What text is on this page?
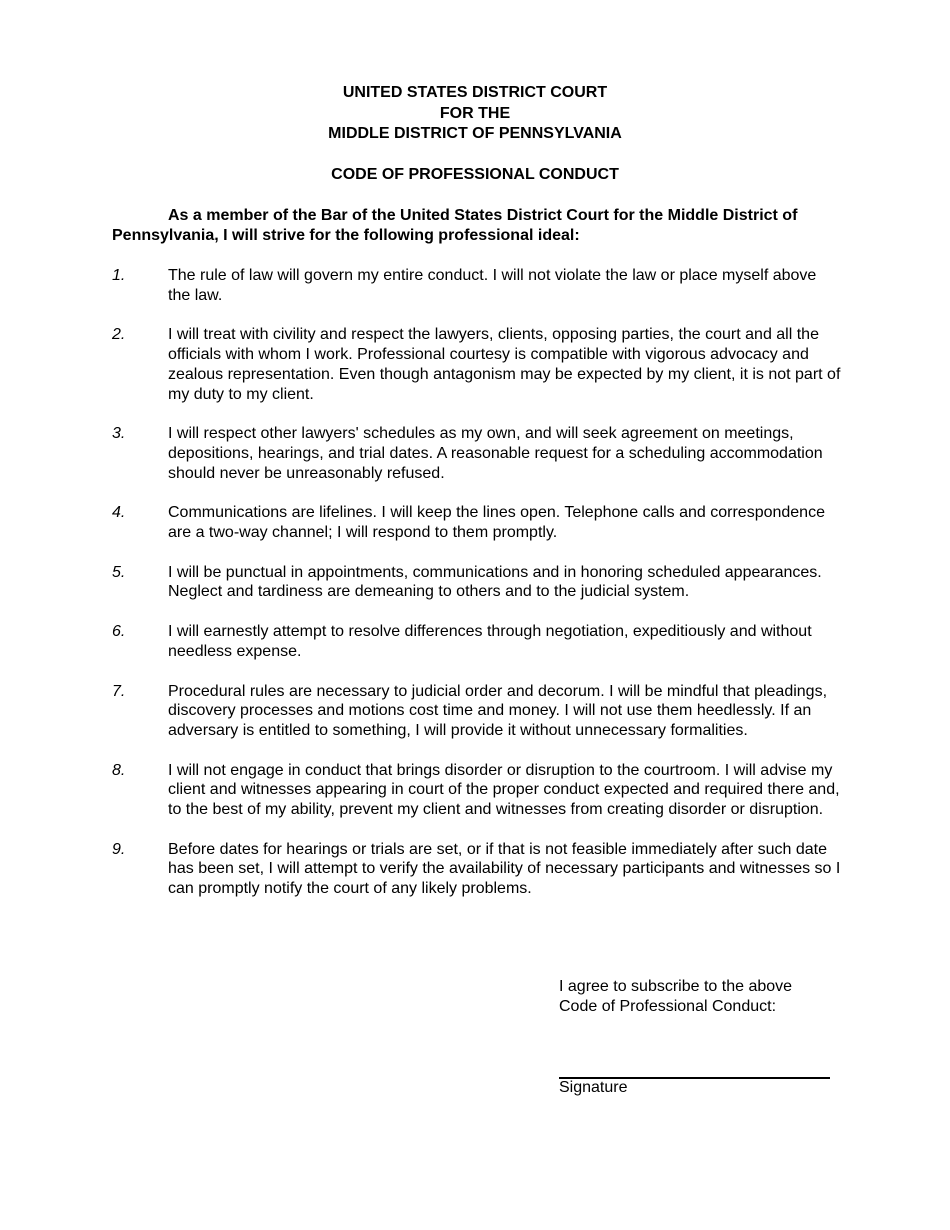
UNITED STATES DISTRICT COURT
FOR THE
MIDDLE DISTRICT OF PENNSYLVANIA
CODE OF PROFESSIONAL CONDUCT

As a member of the Bar of the United States District Court for the Middle District of Pennsylvania, I will strive for the following professional ideal:

1.	The rule of law will govern my entire conduct. I will not violate the law or place myself above the law.
2.	I will treat with civility and respect the lawyers, clients, opposing parties, the court and all the officials with whom I work. Professional courtesy is compatible with vigorous advocacy and zealous representation. Even though antagonism may be expected by my client, it is not part of my duty to my client.
3.	I will respect other lawyers' schedules as my own, and will seek agreement on meetings, depositions, hearings, and trial dates. A reasonable request for a scheduling accommodation should never be unreasonably refused.
4.	Communications are lifelines. I will keep the lines open. Telephone calls and correspondence are a two-way channel; I will respond to them promptly.
5.	I will be punctual in appointments, communications and in honoring scheduled appearances. Neglect and tardiness are demeaning to others and to the judicial system.
6.	I will earnestly attempt to resolve differences through negotiation, expeditiously and without needless expense.
7.	Procedural rules are necessary to judicial order and decorum. I will be mindful that pleadings, discovery processes and motions cost time and money. I will not use them heedlessly. If an adversary is entitled to something, I will provide it without unnecessary formalities.
8.	I will not engage in conduct that brings disorder or disruption to the courtroom. I will advise my client and witnesses appearing in court of the proper conduct expected and required there and, to the best of my ability, prevent my client and witnesses from creating disorder or disruption.
9.	Before dates for hearings or trials are set, or if that is not feasible immediately after such date has been set, I will attempt to verify the availability of necessary participants and witnesses so I can promptly notify the court of any likely problems.
I agree to subscribe to the above
Code of Professional Conduct:
Signature
